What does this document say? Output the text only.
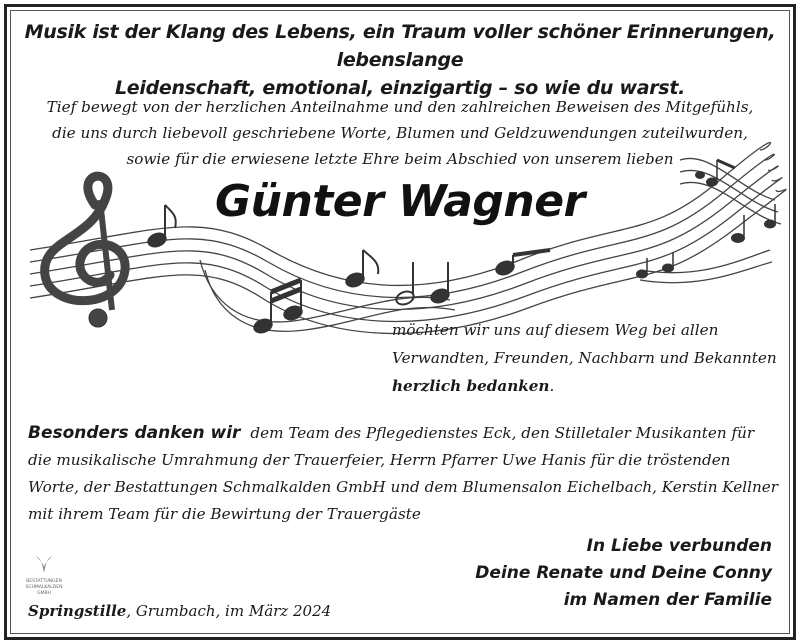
Musik ist der Klang des Lebens, ein Traum voller schöner Erinnerungen, lebenslange
Leidenschaft, emotional, einzigartig – so wie du warst.
Tief bewegt von der herzlichen Anteilnahme und den zahlreichen Beweisen des Mitgefühls,
die uns durch liebevoll geschriebene Worte, Blumen und Geldzuwendungen zuteilwurden,
sowie für die erwiesene letzte Ehre beim Abschied von unserem lieben
Günter Wagner
möchten wir uns auf diesem Weg bei allen
Verwandten, Freunden, Nachbarn und Bekannten
herzlich bedanken.
Besonders danken wir dem Team des Pflegedienstes Eck, den Stilletaler Musikanten für die musikalische Umrahmung der Trauerfeier, Herrn Pfarrer Uwe Hanis für die tröstenden Worte, der Bestattungen Schmalkalden GmbH und dem Blumensalon Eichelbach, Kerstin Kellner mit ihrem Team für die Bewirtung der Trauergäste
BESTATTUNGEN
SCHMALKALDEN
GMBH
In Liebe verbunden
Deine Renate und Deine Conny
im Namen der Familie
Springstille, Grumbach, im März 2024
